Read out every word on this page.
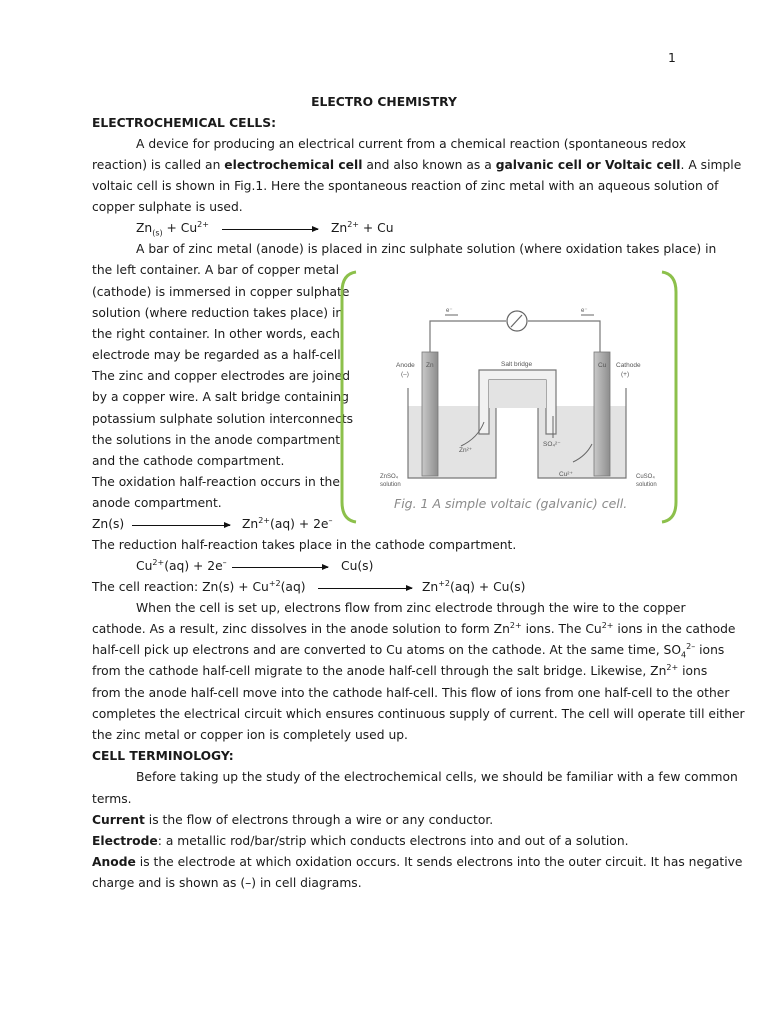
1
ELECTRO CHEMISTRY
ELECTROCHEMICAL CELLS:
A device for producing an electrical current from a chemical reaction (spontaneous redox
reaction) is called an electrochemical cell and also known as a galvanic cell or Voltaic cell. A simple
voltaic cell is shown in Fig.1. Here the spontaneous reaction of zinc metal with an aqueous solution of
copper sulphate is used.
$Zn_{(s)} + Cu^{2+}$	$Zn^{2+} + Cu$
A bar of zinc metal (anode) is placed in zinc sulphate solution (where oxidation takes place) in
the left container. A bar of copper metal
(cathode) is immersed in copper sulphate
solution (where reduction takes place) in
the right container. In other words, each
electrode may be regarded as a half-cell.
The zinc and copper electrodes are joined
by a copper wire. A salt bridge containing
potassium sulphate solution interconnects
the solutions in the anode compartment
and the cathode compartment.
The oxidation half-reaction occurs in the
anode compartment.
e⁻	e⁻
Anode
(–)
Zn	Salt bridge	Cu Cathode
(+)
Zn²⁺
SO₄²⁻
Cu²⁺
ZnSO₄
solution
CuSO₄
solution
Fig. 1 A simple voltaic (galvanic) cell.
Zn(s)	$Zn^{2+}(aq) + 2e^-$
The reduction half-reaction takes place in the cathode compartment.
$Cu^{2+}(aq) + 2e^-$	Cu(s)
The cell reaction: $Zn(s) + Cu^{+2}(aq)$	$Zn^{+2}(aq) + Cu(s)$
When the cell is set up, electrons flow from zinc electrode through the wire to the copper
cathode. As a result, zinc dissolves in the anode solution to form $Zn^{2+}$ ions. The $Cu^{2+}$ ions in the cathode
half-cell pick up electrons and are converted to Cu atoms on the cathode. At the same time, $SO_4^{2-}$ ions
from the cathode half-cell migrate to the anode half-cell through the salt bridge. Likewise, $Zn^{2+}$ ions
from the anode half-cell move into the cathode half-cell. This flow of ions from one half-cell to the other
completes the electrical circuit which ensures continuous supply of current. The cell will operate till either
the zinc metal or copper ion is completely used up.
CELL TERMINOLOGY:
Before taking up the study of the electrochemical cells, we should be familiar with a few common
terms.
Current is the flow of electrons through a wire or any conductor.
Electrode: a metallic rod/bar/strip which conducts electrons into and out of a solution.
Anode is the electrode at which oxidation occurs. It sends electrons into the outer circuit. It has negative
charge and is shown as (–) in cell diagrams.
